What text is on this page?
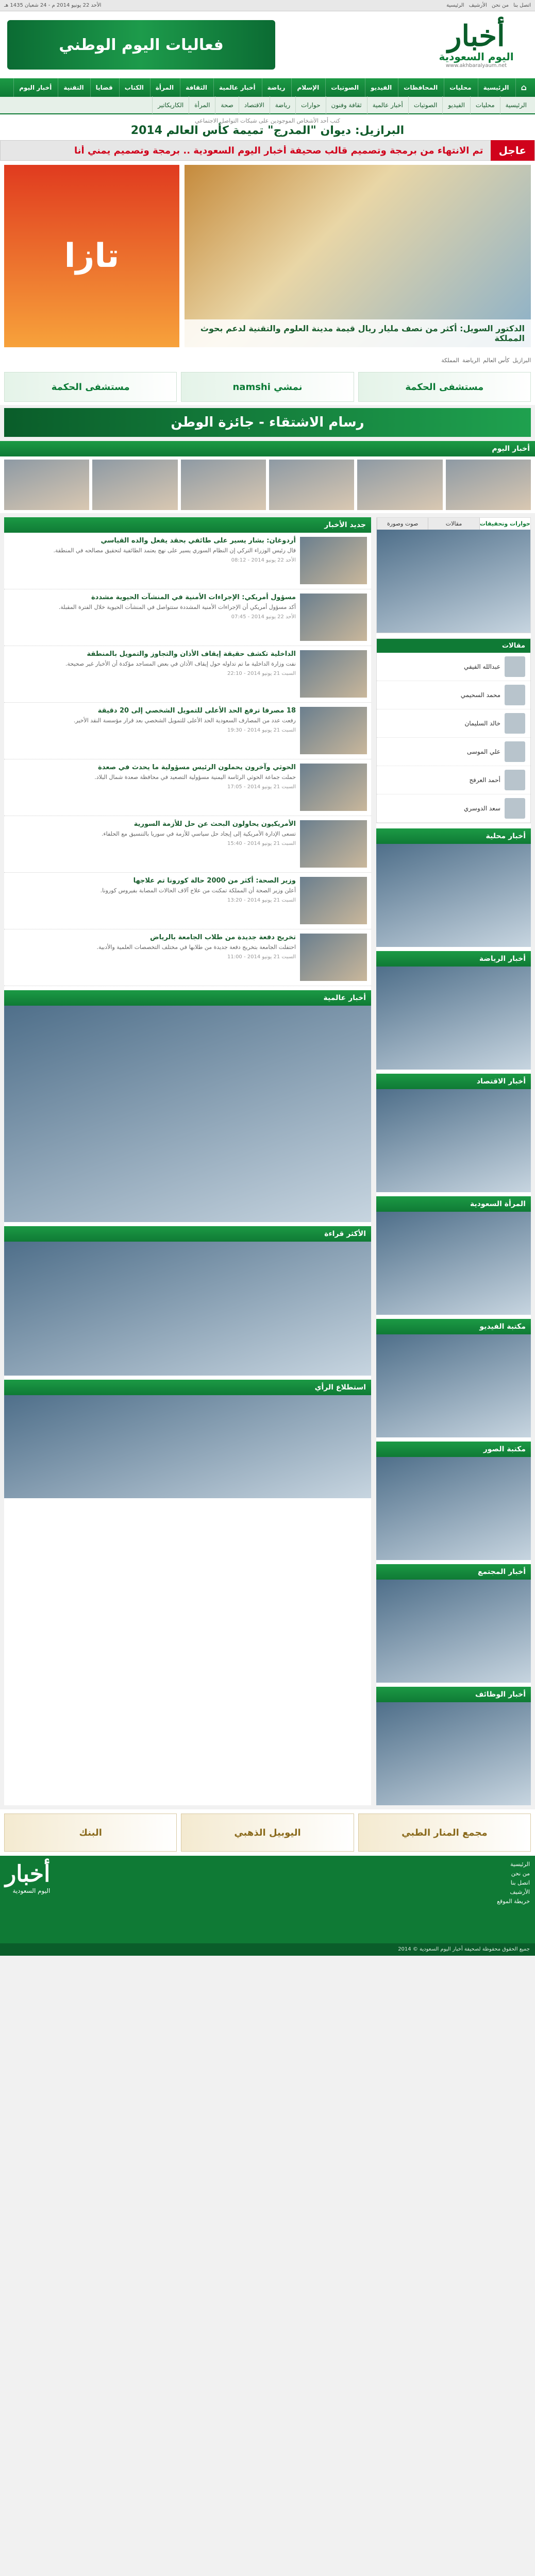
اتصل بنا من نحن الأرشيف الرئيسية
الأحد 22 يونيو 2014 م - 24 شعبان 1435 هـ
أخبار
اليوم السعودية
www.akhbaralyaum.net
فعاليات اليوم الوطني
⌂
الرئيسية
محليات
المحافظات
الفيديو
الصوتيات
الإسلام
رياضة
أخبار عالمية
الثقافة
المرأة
الكتاب
قضايا
التقنية
أخبار اليوم
الرئيسية
محليات
الفيديو
الصوتيات
أخبار عالمية
ثقافة وفنون
حوارات
رياضة
الاقتصاد
صحة
المرأة
الكاريكاتير
كتب أحد الأشخاص الموجودين على شبكات التواصل الاجتماعي
البرازيل: ديوان "المدرج" تميمة كأس العالم 2014
عاجل
تم الانتهاء من برمجة وتصميم قالب صحيفة أخبار اليوم السعودية .. برمجة وتصميم يمني أنا
الدكتور السويل: أكثر من نصف مليار ريال قيمة مدينة العلوم والتقنية لدعم بحوث المملكة
تازا
البرازيل
كأس العالم
الرياضة
المملكة
مستشفى الحكمة
نمشي namshi
مستشفى الحكمة
رسام الاشتقاء - جائزة الوطن
أخبار اليوم
حوارات وتحقيقات
مقالات
صوت وصورة
مقالات
عبدالله الفيفي
محمد السحيمي
خالد السليمان
علي الموسى
أحمد العرفج
سعد الدوسري
أخبار محلية
أخبار الرياضة
أخبار الاقتصاد
المرأة السعودية
مكتبة الفيديو
مكتبة الصور
أخبار المجتمع
أخبار الوظائف
جديد الأخبار
أردوغان: بشار يسير على طائفي بحقد يفعل والده القياسي
قال رئيس الوزراء التركي إن النظام السوري يسير على نهج يعتمد الطائفية لتحقيق مصالحه في المنطقة.
الأحد 22 يونيو 2014 - 08:12
مسؤول أمريكي: الإجراءات الأمنية في المنشآت الحيوية مشددة
أكد مسؤول أمريكي أن الإجراءات الأمنية المشددة ستتواصل في المنشآت الحيوية خلال الفترة المقبلة.
الأحد 22 يونيو 2014 - 07:45
الداخلية تكشف حقيقة إيقاف الأذان والتجاوز والتمويل بالمنطقة
نفت وزارة الداخلية ما تم تداوله حول إيقاف الأذان في بعض المساجد مؤكدة أن الأخبار غير صحيحة.
السبت 21 يونيو 2014 - 22:10
18 مصرفا ترفع الحد الأعلى للتمويل الشخصي إلى 20 دقيقة
رفعت عدد من المصارف السعودية الحد الأعلى للتمويل الشخصي بعد قرار مؤسسة النقد الأخير.
السبت 21 يونيو 2014 - 19:30
الحوثي وآخرون يحملون الرئيس مسؤولية ما يحدث في صعدة
حملت جماعة الحوثي الرئاسة اليمنية مسؤولية التصعيد في محافظة صعدة شمال البلاد.
السبت 21 يونيو 2014 - 17:05
الأمريكيون يحاولون البحث عن حل للأزمة السورية
تسعى الإدارة الأمريكية إلى إيجاد حل سياسي للأزمة في سوريا بالتنسيق مع الحلفاء.
السبت 21 يونيو 2014 - 15:40
وزير الصحة: أكثر من 2000 حالة كورونا تم علاجها
أعلن وزير الصحة أن المملكة تمكنت من علاج آلاف الحالات المصابة بفيروس كورونا.
السبت 21 يونيو 2014 - 13:20
تخريج دفعة جديدة من طلاب الجامعة بالرياض
احتفلت الجامعة بتخريج دفعة جديدة من طلابها في مختلف التخصصات العلمية والأدبية.
السبت 21 يونيو 2014 - 11:00
أخبار عالمية
الأكثر قراءة
استطلاع الرأي
مجمع المنار الطبي
اليوبيل الذهبي
البنك
الرئيسية
من نحن
اتصل بنا
الأرشيف
خريطة الموقع
أخبار
اليوم السعودية
جميع الحقوق محفوظة لصحيفة أخبار اليوم السعودية © 2014
